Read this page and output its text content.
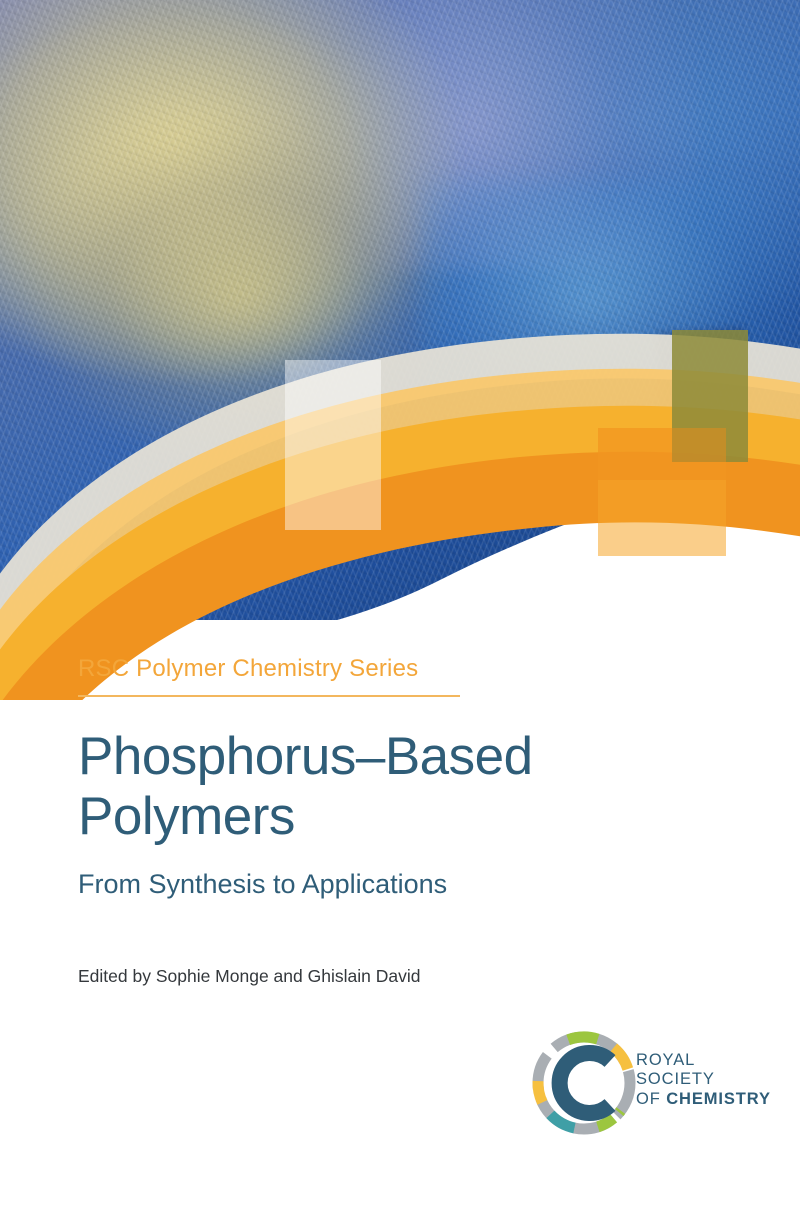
RSC Polymer Chemistry Series
Phosphorus–Based
Polymers
From Synthesis to Applications
Edited by Sophie Monge and Ghislain David
ROYAL SOCIETY
OF CHEMISTRY
